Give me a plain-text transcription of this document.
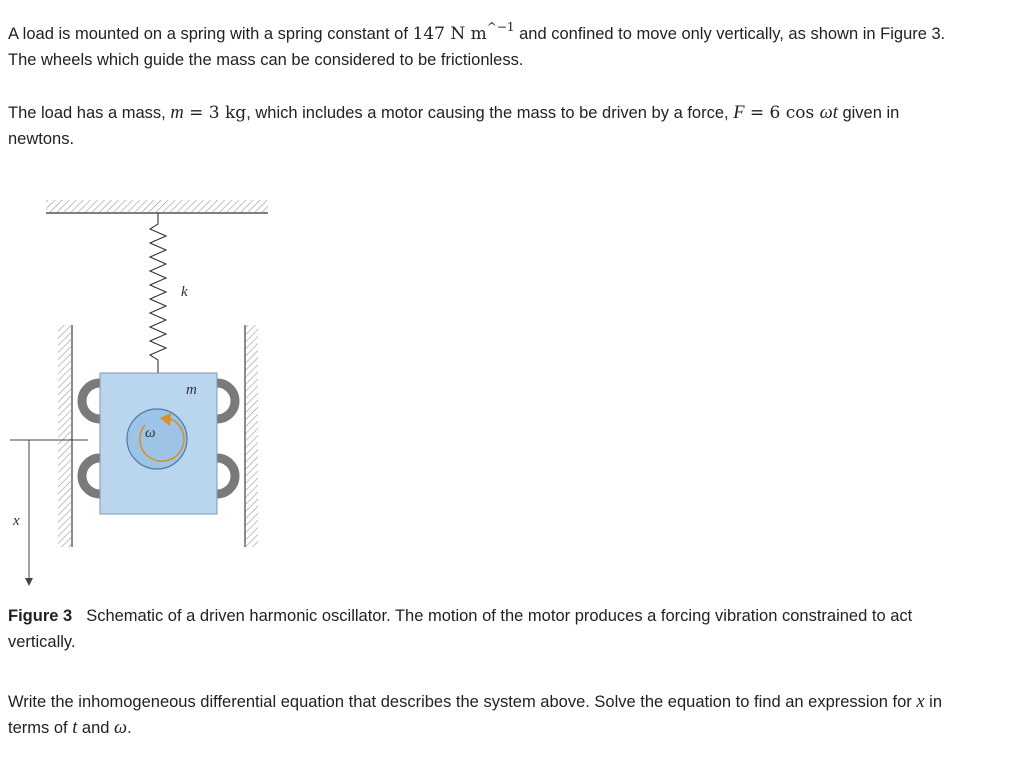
A load is mounted on a spring with a spring constant of 147 N $m^{\^{}-1}$ and confined to move only vertically, as shown in Figure 3.
The wheels which guide the mass can be considered to be frictionless.

The load has a mass, m = 3 kg, which includes a motor causing the mass to be driven by a force, F = 6 cos ωt given in
newtons.

k
m
ω
x

Figure 3 Schematic of a driven harmonic oscillator. The motion of the motor produces a forcing vibration constrained to act
vertically.

Write the inhomogeneous differential equation that describes the system above. Solve the equation to find an expression for x in
terms of t and ω.
